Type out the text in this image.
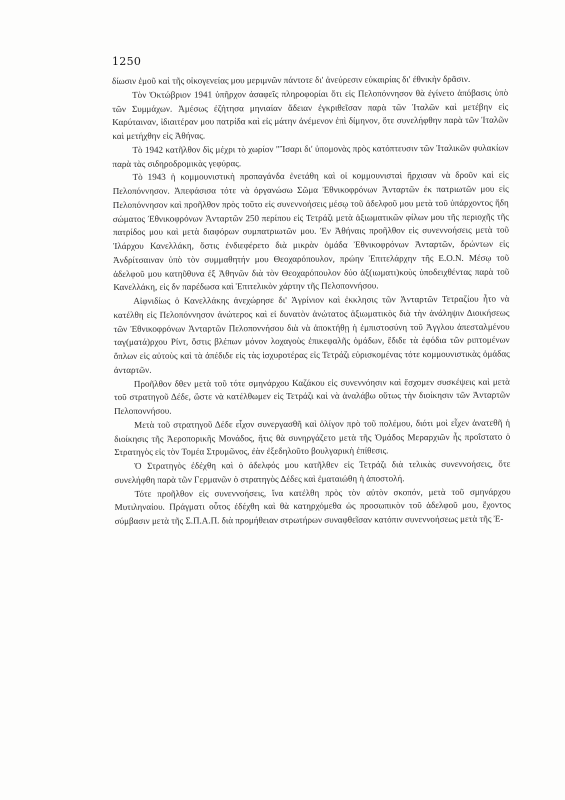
1250

δίωσιν ἐμοῦ καὶ τῆς οἰκογενείας μου μεριμνῶν πάντοτε δι' ἀνεύρεσιν εὐκαιρίας δι' ἐθνικὴν δρᾶσιν.

Τὸν Ὀκτώβριον 1941 ὑπῆρχον ἀσαφεῖς πληροφορίαι ὅτι εἰς Πελοπόννησον θὰ ἐγίνετο ἀπόβασις ὑπὸ τῶν Συμμάχων. Ἀμέσως ἐζήτησα μηνιαίαν ἄδειαν ἐγκριθεῖσαν παρὰ τῶν Ἰταλῶν καὶ μετέβην εἰς Καρύταιναν, ἰδιαιτέραν μου πατρίδα καὶ εἰς μάτην ἀνέμενον ἐπὶ δίμηνον, ὅτε συνελήφθην παρὰ τῶν Ἰταλῶν καὶ μετήχθην εἰς Ἀθήνας.

Τὸ 1942 κατῆλθον δὶς μέχρι τὸ χωρίον "Ἴσαρι δι' ὑπομονὰς πρὸς κατόπτευσιν τῶν Ἰταλικῶν φυλακίων παρὰ τὰς σιδηροδρομικὰς γεφύρας.

Τὸ 1943 ἡ κομμουνιστικὴ προπαγάνδα ἐνετάθη καὶ οἱ κομμουνισταὶ ἤρχισαν νὰ δροῦν καὶ εἰς Πελοπόννησον. Ἀπεφάσισα τότε νὰ ὀργανώσω Σῶμα Ἐθνικοφρόνων Ἀνταρτῶν ἐκ πατριωτῶν μου εἰς Πελοπόννησον καὶ προῆλθον πρὸς τοῦτο εἰς συνεννοήσεις μέσῳ τοῦ ἀδελφοῦ μου μετὰ τοῦ ὑπάρχοντος ἤδη σώματος Ἐθνικοφρόνων Ἀνταρτῶν 250 περίπου εἰς Τετράζι μετὰ ἀξιωματικῶν φίλων μου τῆς περιοχῆς τῆς πατρίδος μου καὶ μετὰ διαφόρων συμπατριωτῶν μου. Ἐν Ἀθήναις προῆλθον εἰς συνεννοήσεις μετὰ τοῦ Ἰλάρχου Κανελλάκη, ὅστις ἐνδιεφέρετο διὰ μικρὰν ὁμάδα Ἐθνικοφρόνων Ἀνταρτῶν, δρώντων εἰς Ἀνδρίτσαιναν ὑπὸ τὸν συμμαθητήν μου Θεοχαρόπουλον, πρώην Ἐπιτελάρχην τῆς Ε.Ο.Ν. Μέσῳ τοῦ ἀδελφοῦ μου κατηῦθυνα ἐξ Ἀθηνῶν διὰ τὸν Θεοχαρόπουλον δύο ἀξ(ιωματι)κοὺς ὑποδειχθέντας παρὰ τοῦ Κανελλάκη, εἰς δν παρέδωσα καὶ Ἐπιτελικὸν χάρτην τῆς Πελοποννήσου.

Αἰφνιδίως ὁ Κανελλάκης ἀνεχώρησε δι' Ἀγρίνιον καὶ ἐκκλησις τῶν Ἀνταρτῶν Τετραζίου ἦτο νὰ κατέλθη εἰς Πελοπόννησον ἀνώτερος καὶ εἰ δυνατὸν ἀνώτατος ἀξιωματικὸς διὰ τὴν ἀνάληψιν Διοικήσεως τῶν Ἐθνικοφρόνων Ἀνταρτῶν Πελοποννήσου διὰ νὰ ἀποκτήθῃ ἡ ἐμπιστοσύνη τοῦ Ἀγγλου ἀπεσταλμένου ταγ(ματά)ρχου Ρίντ, ὅστις βλέπων μόνον λοχαγοὺς ἐπικεφαλῆς ὁμάδων, ἔδιδε τὰ ἐφόδια τῶν ριπτομένων ὅπλων εἰς αὐτοὺς καὶ τὰ ἀπέδιδε εἰς τὰς ἰσχυροτέρας εἰς Τετράζι εὑρισκομένας τότε κομμουνιστικὰς ὁμάδας ἀνταρτῶν.

Προῆλθον δθεν μετὰ τοῦ τότε σμηνάρχου Καζάκου εἰς συνεννόησιν καὶ ἔσχομεν συσκέψεις καὶ μετὰ τοῦ στρατηγοῦ Δέδε, ὥστε νὰ κατέλθωμεν εἰς Τετράζι καὶ νὰ ἀναλάβω οὕτως τὴν διοίκησιν τῶν Ἀνταρτῶν Πελοποννήσου.

Μετὰ τοῦ στρατηγοῦ Δέδε εἶχον συνεργασθῆ καὶ ὀλίγον πρὸ τοῦ πολέμου, διότι μοὶ εἶχεν ἀνατεθῆ ἡ διοίκησις τῆς Ἀεροπορικῆς Μονάδος, ἥτις θὰ συνηργάζετο μετὰ τῆς Ὁμάδος Μεραρχιῶν ἧς προΐστατο ὁ Στρατηγὸς εἰς τὸν Τομέα Στρυμῶνος, ἐὰν ἐξεδηλοῦτο βουλγαρικὴ ἐπίθεσις.

Ὁ Στρατηγὸς ἐδέχθη καὶ ὁ ἀδελφός μου κατῆλθεν εἰς Τετράζι διὰ τελικὰς συνεννοήσεις, ὅτε συνελήφθη παρὰ τῶν Γερμανῶν ὁ στρατηγὸς Δέδες καὶ ἐματαιώθη ἡ ἀποστολή.

Τότε προῆλθον εἰς συνεννοήσεις, ἵνα κατέλθη πρὸς τὸν αὐτὸν σκοπόν, μετὰ τοῦ σμηνάρχου Μυτιληναίου. Πράγματι οὗτος ἐδέχθη καὶ θὰ κατηρχόμεθα ὡς προσωπικὸν τοῦ ἀδελφοῦ μου, ἔχοντος σύμβασιν μετὰ τῆς Σ.Π.Α.Π. διὰ προμήθειαν στρωτήρων συναφθεῖσαν κατόπιν συνεννοήσεως μετὰ τῆς Ἐ-
